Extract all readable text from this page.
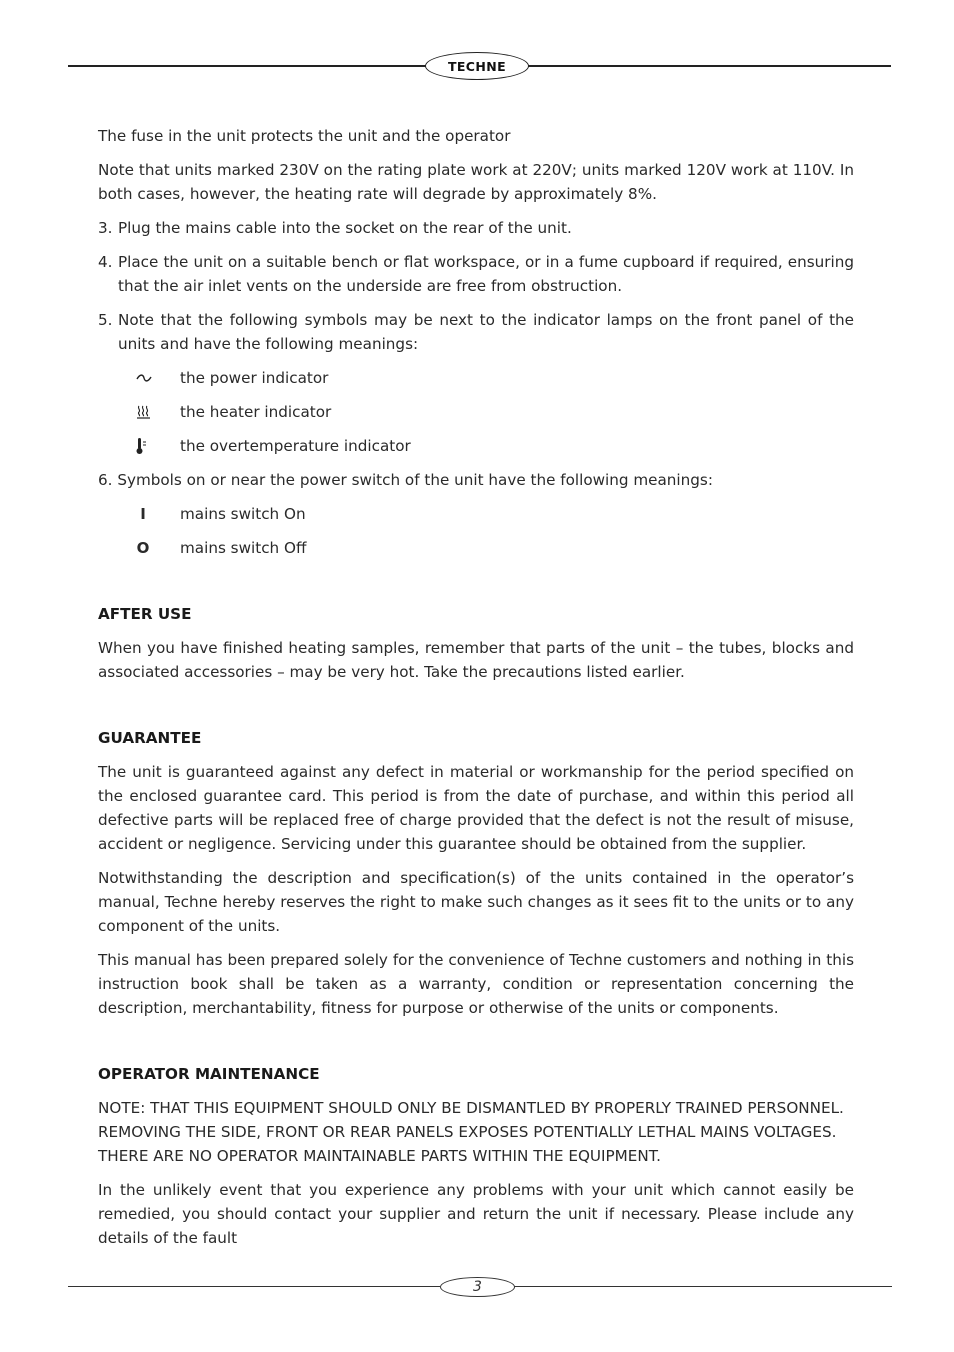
TECHNE

The fuse in the unit protects the unit and the operator

Note that units marked 230V on the rating plate work at 220V; units marked 120V work at 110V. In both cases, however, the heating rate will degrade by approximately 8%.

3. Plug the mains cable into the socket on the rear of the unit.
4. Place the unit on a suitable bench or flat workspace, or in a fume cupboard if required, ensuring that the air inlet vents on the underside are free from obstruction.
5. Note that the following symbols may be next to the indicator lamps on the front panel of the units and have the following meanings:
the power indicator
the heater indicator
the overtemperature indicator

6. Symbols on or near the power switch of the unit have the following meanings:

I mains switch On
O mains switch Off
AFTER USE

When you have finished heating samples, remember that parts of the unit – the tubes, blocks and associated accessories – may be very hot. Take the precautions listed earlier.

GUARANTEE

The unit is guaranteed against any defect in material or workmanship for the period specified on the enclosed guarantee card. This period is from the date of purchase, and within this period all defective parts will be replaced free of charge provided that the defect is not the result of misuse, accident or negligence. Servicing under this guarantee should be obtained from the supplier.

Notwithstanding the description and specification(s) of the units contained in the operator’s manual, Techne hereby reserves the right to make such changes as it sees fit to the units or to any component of the units.

This manual has been prepared solely for the convenience of Techne customers and nothing in this instruction book shall be taken as a warranty, condition or representation concerning the description, merchantability, fitness for purpose or otherwise of the units or components.

OPERATOR MAINTENANCE

NOTE: THAT THIS EQUIPMENT SHOULD ONLY BE DISMANTLED BY PROPERLY TRAINED PERSONNEL.
REMOVING THE SIDE, FRONT OR REAR PANELS EXPOSES POTENTIALLY LETHAL MAINS VOLTAGES.
THERE ARE NO OPERATOR MAINTAINABLE PARTS WITHIN THE EQUIPMENT.

In the unlikely event that you experience any problems with your unit which cannot easily be remedied, you should contact your supplier and return the unit if necessary. Please include any details of the fault

3
